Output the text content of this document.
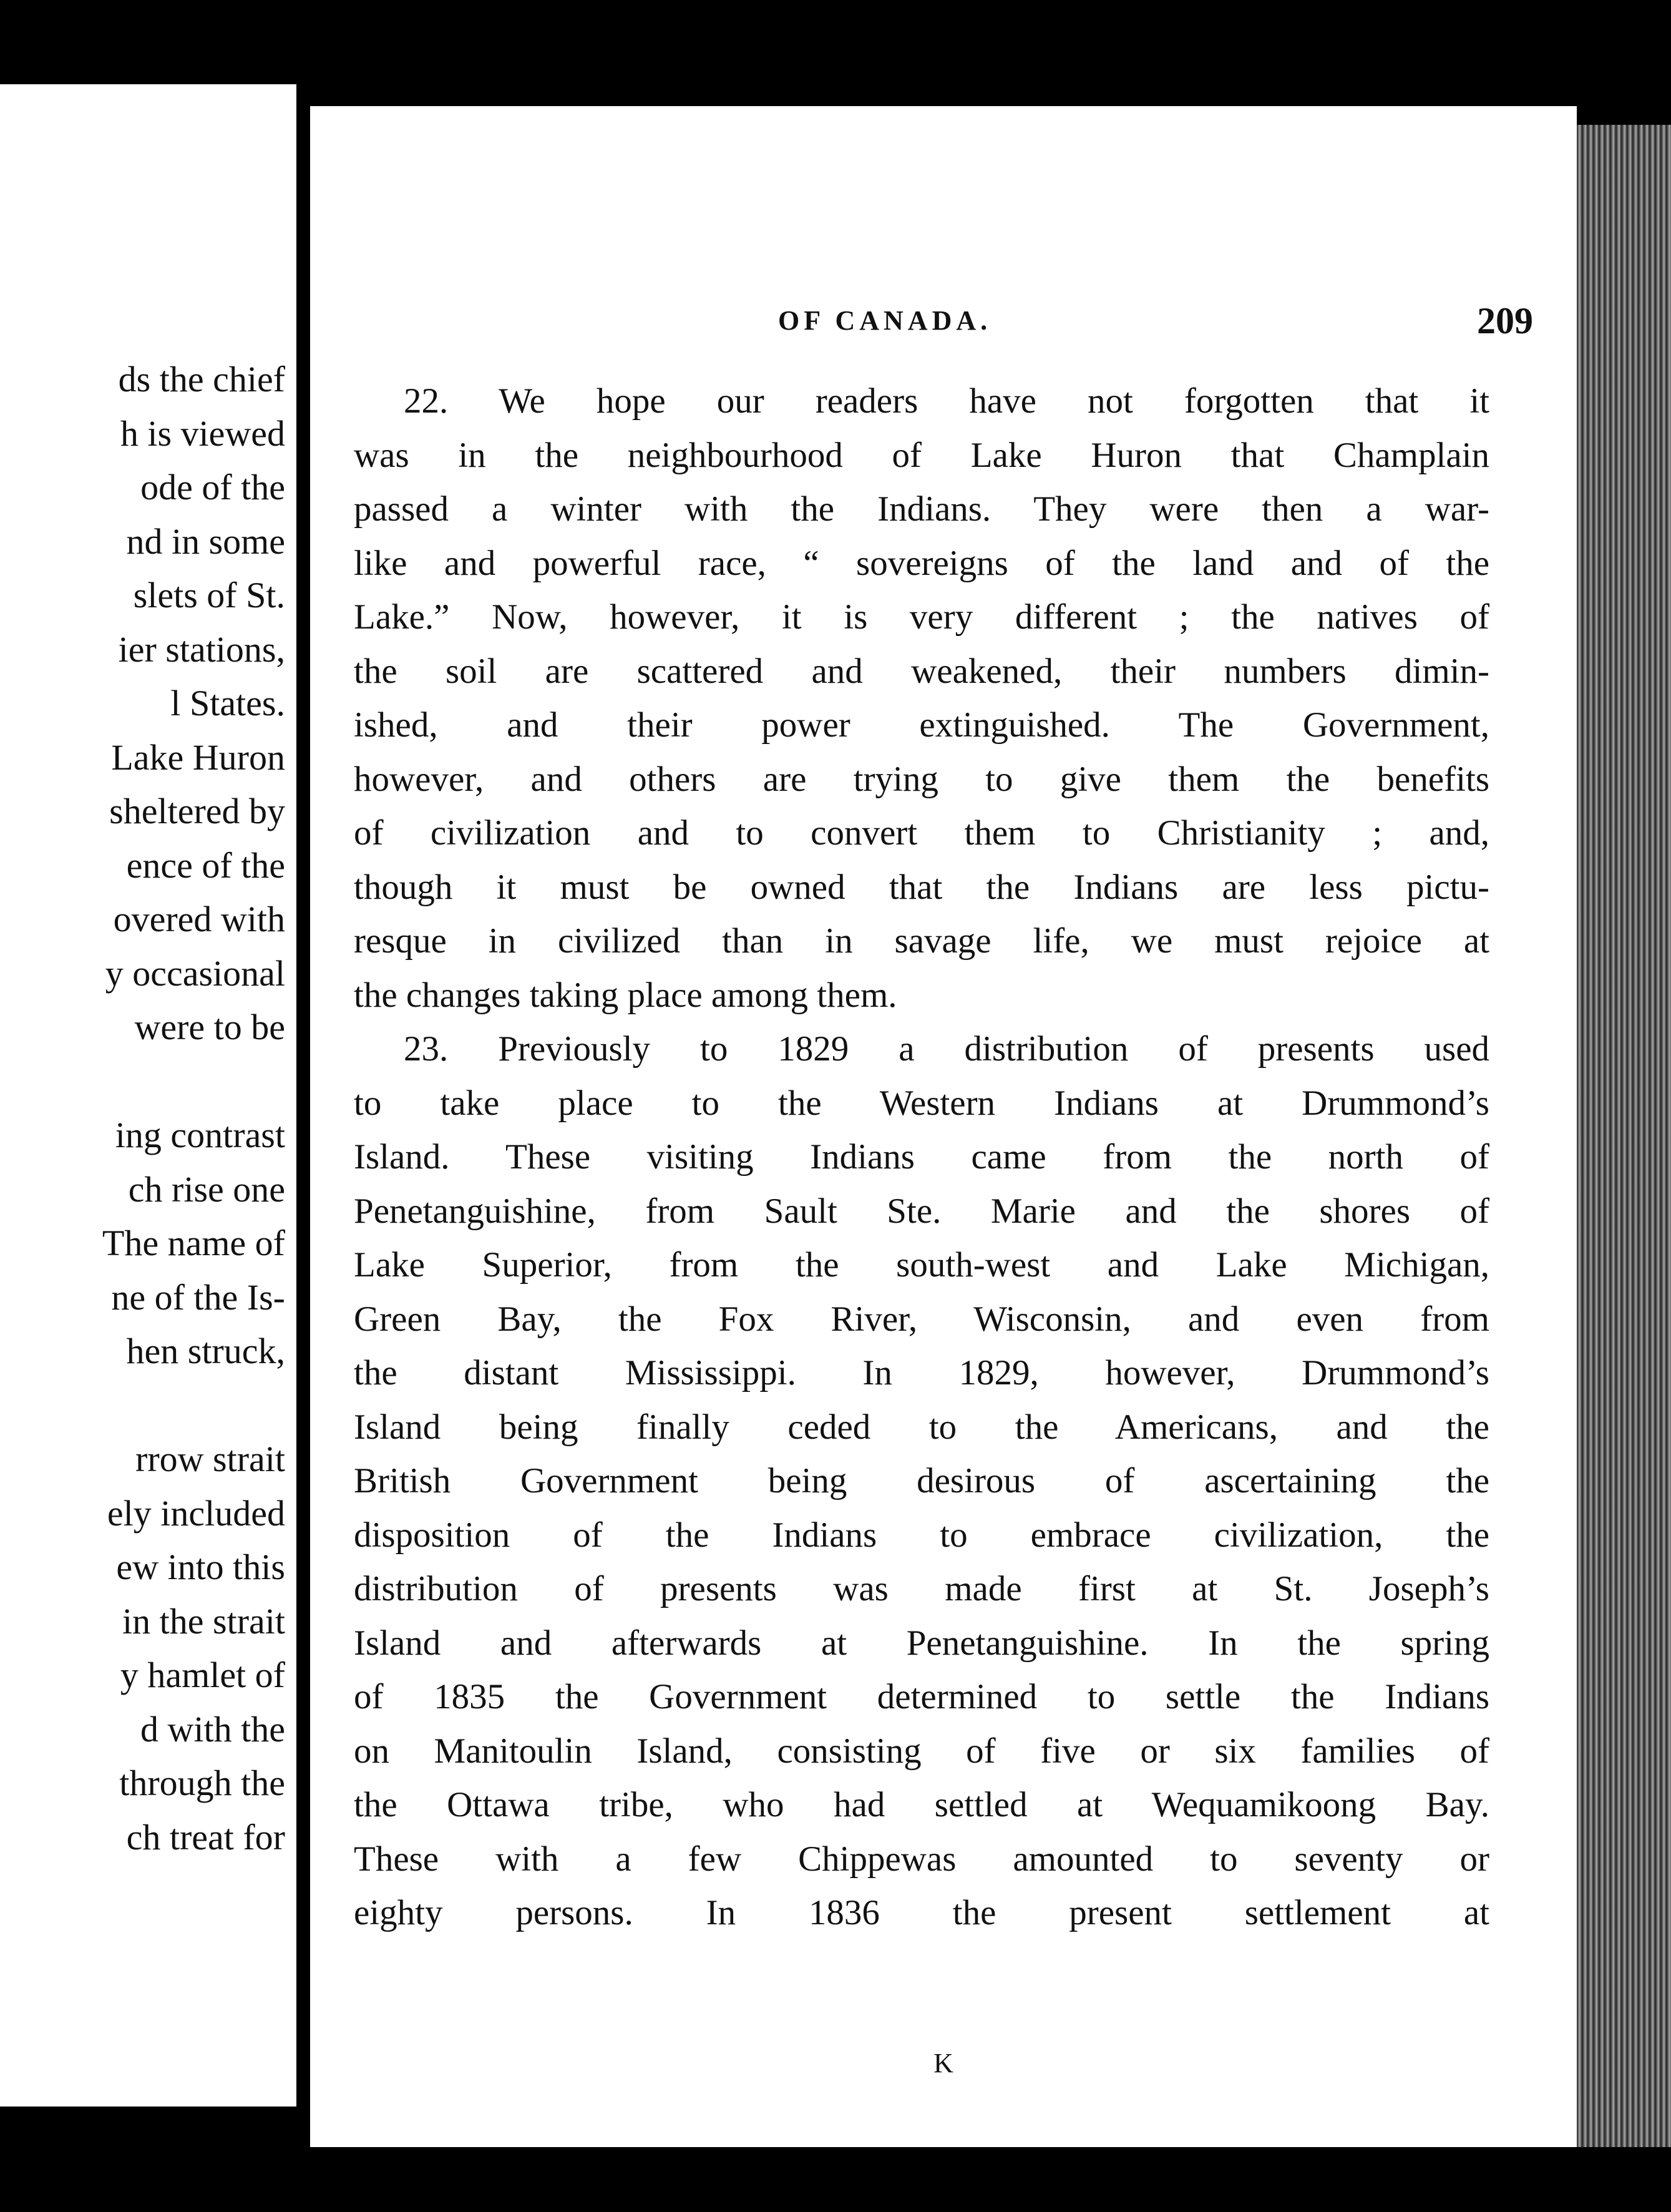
ds the chief
h is viewed
ode of the
nd in some
slets of St.
ier stations,
l States.
Lake Huron
sheltered by
ence of the
overed with
y occasional
were to be
ing contrast
ch rise one
The name of
ne of the Is-
hen struck,
rrow strait
ely included
ew into this
in the strait
y hamlet of
d with the
through the
ch treat for
OF CANADA.	209
22. We hope our readers have not forgotten that it
was in the neighbourhood of Lake Huron that Champlain
passed a winter with the Indians. They were then a war-
like and powerful race, “ sovereigns of the land and of the
Lake.” Now, however, it is very different ; the natives of
the soil are scattered and weakened, their numbers dimin-
ished, and their power extinguished. The Government,
however, and others are trying to give them the benefits
of civilization and to convert them to Christianity ; and,
though it must be owned that the Indians are less pictu-
resque in civilized than in savage life, we must rejoice at
the changes taking place among them.
23. Previously to 1829 a distribution of presents used
to take place to the Western Indians at Drummond’s
Island. These visiting Indians came from the north of
Penetanguishine, from Sault Ste. Marie and the shores of
Lake Superior, from the south-west and Lake Michigan,
Green Bay, the Fox River, Wisconsin, and even from
the distant Mississippi. In 1829, however, Drummond’s
Island being finally ceded to the Americans, and the
British Government being desirous of ascertaining the
disposition of the Indians to embrace civilization, the
distribution of presents was made first at St. Joseph’s
Island and afterwards at Penetanguishine. In the spring
of 1835 the Government determined to settle the Indians
on Manitoulin Island, consisting of five or six families of
the Ottawa tribe, who had settled at Wequamikoong Bay.
These with a few Chippewas amounted to seventy or
eighty persons. In 1836 the present settlement at
K
